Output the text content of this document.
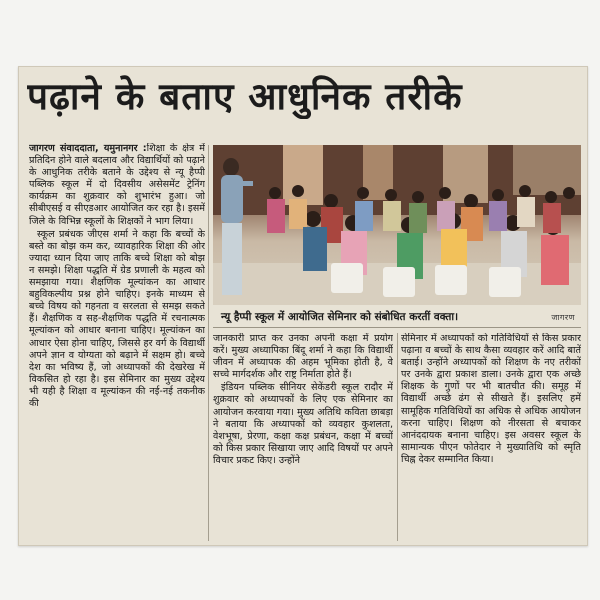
पढ़ाने के बताए आधुनिक तरीके

जागरण संवाददाता, यमुनानगर :शिक्षा के क्षेत्र में प्रतिदिन होने वाले बदलाव और विद्यार्थियों को पढ़ाने के आधुनिक तरीके बताने के उद्देश्य से न्यू हैप्पी पब्लिक स्कूल में दो दिवसीय असेसमेंट ट्रेनिंग कार्यक्रम का शुक्रवार को शुभारंभ हुआ। जो सीबीएसई व सीएडआर आयोजित कर रहा है। इसमें जिले के विभिन्न स्कूलों के शिक्षकों ने भाग लिया।

स्कूल प्रबंधक जीएस शर्मा ने कहा कि बच्चों के बस्ते का बोझ कम कर, व्यावहारिक शिक्षा की ओर ज्यादा ध्यान दिया जाए ताकि बच्चे शिक्षा को बोझ न समझे। शिक्षा पद्धति में ग्रेड प्रणाली के महत्व को समझाया गया। शैक्षणिक मूल्यांकन का आधार बहुविकल्पीय प्रश्न होने चाहिए। इनके माध्यम से बच्चे विषय को गहनता व सरलता से समझ सकते हैं। शैक्षणिक व सह-शैक्षणिक पद्धति में रचनात्मक मूल्यांकन को आधार बनाना चाहिए। मूल्यांकन का आधार ऐसा होना चाहिए, जिससे हर वर्ग के विद्यार्थी अपने ज्ञान व योग्यता को बढ़ाने में सक्षम हो। बच्चे देश का भविष्य हैं, जो अध्यापकों की देखरेख में विकसित हो रहा है। इस सेमिनार का मुख्य उद्देश्य भी यही है शिक्षा व मूल्यांकन की नई-नई तकनीक की

न्यू हैप्पी स्कूल में आयोजित सेमिनार को संबोधित करतीं वक्ता।	जागरण

जानकारी प्राप्त कर उनका अपनी कक्षा में प्रयोग करें। मुख्य अध्यापिका बिंदू शर्मा ने कहा कि विद्यार्थी जीवन में अध्यापक की अहम भूमिका होती है, वे सच्चे मार्गदर्शक और राष्ट्र निर्माता होते हैं।

इंडियन पब्लिक सीनियर सेकेंडरी स्कूल रादौर में शुक्रवार को अध्यापकों के लिए एक सेमिनार का आयोजन करवाया गया। मुख्य अतिथि कविता छाबड़ा ने बताया कि अध्यापकों को व्यवहार कुशलता, वेशभूषा, प्रेरणा, कक्षा कक्ष प्रबंधन, कक्षा में बच्चों को किस प्रकार सिखाया जाए आदि विषयों पर अपने विचार प्रकट किए। उन्होंने

सेमिनार में अध्यापकों को गतिविधियों से किस प्रकार पढ़ाना व बच्चों के साथ कैसा व्यवहार करें आदि बातें बताई। उन्होंने अध्यापकों को शिक्षण के नए तरीकों पर उनके द्वारा प्रकाश डाला। उनके द्वारा एक अच्छे शिक्षक के गुणों पर भी बातचीत की। समूह में विद्यार्थी अच्छे ढंग से सीखते हैं। इसलिए हमें सामूहिक गतिविधियों का अधिक से अधिक आयोजन करना चाहिए। शिक्षण को नीरसता से बचाकर आनंददायक बनाना चाहिए। इस अवसर स्कूल के सामान्यक पीएन फोतेदार ने मुख्यातिथि को स्मृति चिह्न देकर सम्मानित किया।
